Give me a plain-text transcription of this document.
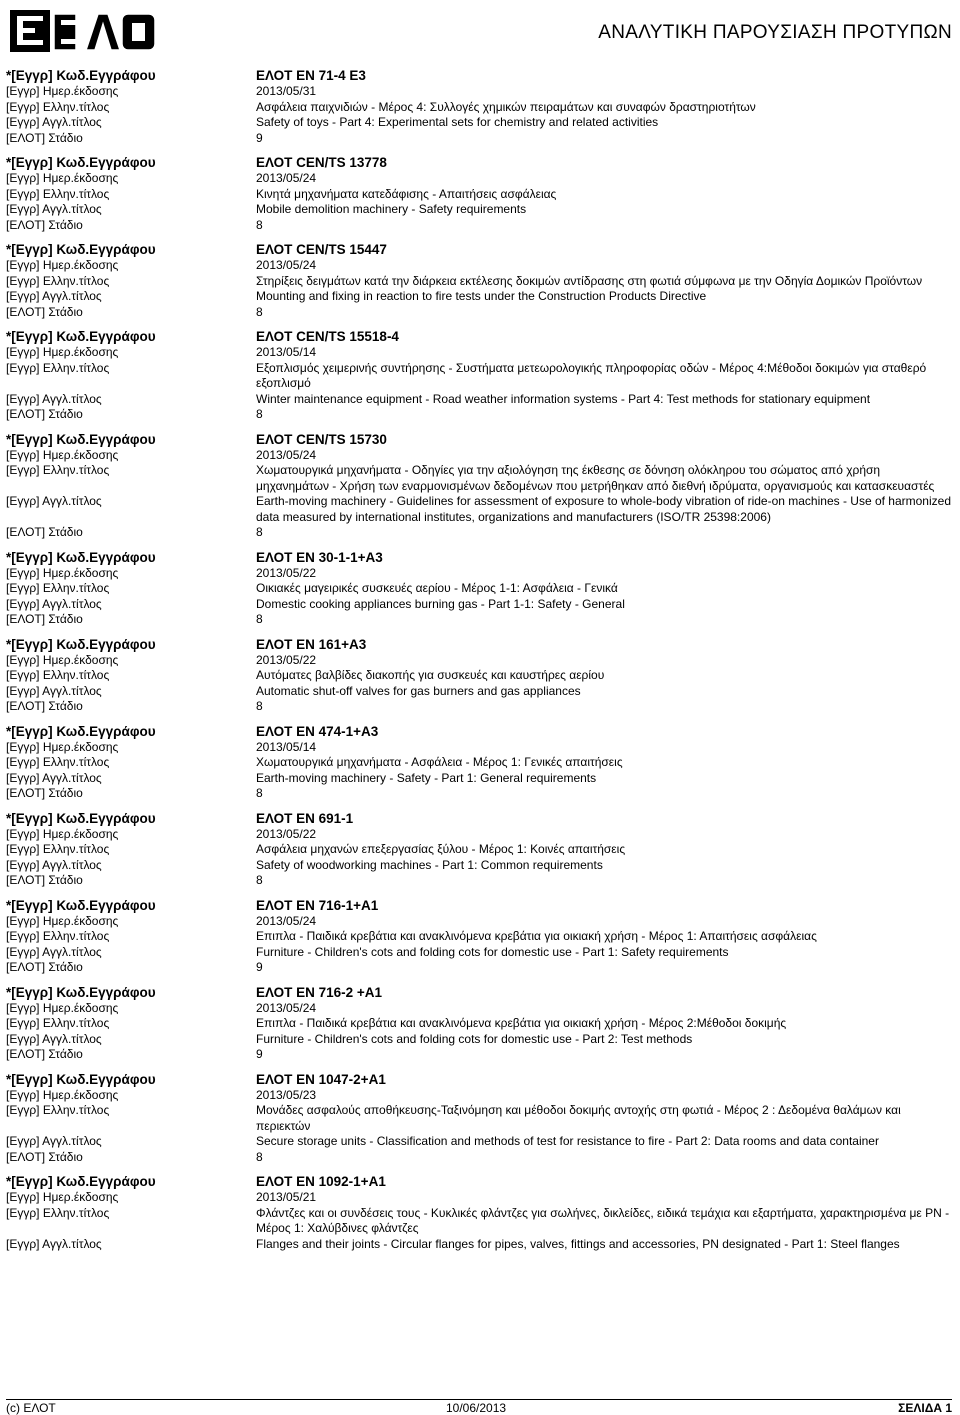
ΑΝΑΛΥΤΙΚΗ ΠΑΡΟΥΣΙΑΣΗ ΠΡΟΤΥΠΩΝ
*[Εγγρ] Κωδ.Εγγράφου	ΕΛΟΤ EN 71-4 E3
[Εγγρ] Ημερ.έκδοσης	2013/05/31
[Εγγρ] Ελλην.τίτλος	Ασφάλεια παιχνιδιών - Μέρος 4: Συλλογές χημικών πειραμάτων και συναφών δραστηριοτήτων
[Εγγρ] Αγγλ.τίτλος	Safety of toys - Part 4: Experimental sets for chemistry and related activities
[ΕΛΟΤ] Στάδιο	9
*[Εγγρ] Κωδ.Εγγράφου	ΕΛΟΤ CEN/TS 13778
[Εγγρ] Ημερ.έκδοσης	2013/05/24
[Εγγρ] Ελλην.τίτλος	Κινητά μηχανήματα κατεδάφισης - Απαιτήσεις ασφάλειας
[Εγγρ] Αγγλ.τίτλος	Mobile demolition machinery - Safety requirements
[ΕΛΟΤ] Στάδιο	8
*[Εγγρ] Κωδ.Εγγράφου	ΕΛΟΤ CEN/TS 15447
[Εγγρ] Ημερ.έκδοσης	2013/05/24
[Εγγρ] Ελλην.τίτλος	Στηρίξεις δειγμάτων κατά την διάρκεια εκτέλεσης δοκιμών αντίδρασης στη φωτιά σύμφωνα με την Οδηγία Δομικών Προϊόντων
[Εγγρ] Αγγλ.τίτλος	Mounting and fixing in reaction to fire tests under the Construction Products Directive
[ΕΛΟΤ] Στάδιο	8
*[Εγγρ] Κωδ.Εγγράφου	ΕΛΟΤ CEN/TS 15518-4
[Εγγρ] Ημερ.έκδοσης	2013/05/14
[Εγγρ] Ελλην.τίτλος	Εξοπλισμός χειμερινής συντήρησης - Συστήματα μετεωρολογικής πληροφορίας οδών - Μέρος 4:Μέθοδοι δοκιμών για σταθερό εξοπλισμό
[Εγγρ] Αγγλ.τίτλος	Winter maintenance equipment - Road weather information systems - Part 4: Test methods for stationary equipment
[ΕΛΟΤ] Στάδιο	8
*[Εγγρ] Κωδ.Εγγράφου	ΕΛΟΤ CEN/TS 15730
[Εγγρ] Ημερ.έκδοσης	2013/05/24
[Εγγρ] Ελλην.τίτλος	Χωματουργικά μηχανήματα - Οδηγίες για την αξιολόγηση της έκθεσης σε δόνηση ολόκληρου του σώματος από χρήση μηχανημάτων - Χρήση των εναρμονισμένων δεδομένων που μετρήθηκαν από διεθνή ιδρύματα, οργανισμούς και κατασκευαστές
[Εγγρ] Αγγλ.τίτλος	Earth-moving machinery - Guidelines for assessment of exposure to whole-body vibration of ride-on machines - Use of harmonized data measured by international institutes, organizations and manufacturers (ISO/TR 25398:2006)
[ΕΛΟΤ] Στάδιο	8
*[Εγγρ] Κωδ.Εγγράφου	ΕΛΟΤ EN 30-1-1+A3
[Εγγρ] Ημερ.έκδοσης	2013/05/22
[Εγγρ] Ελλην.τίτλος	Οικιακές μαγειρικές συσκευές αερίου - Μέρος 1-1: Ασφάλεια - Γενικά
[Εγγρ] Αγγλ.τίτλος	Domestic cooking appliances burning gas - Part 1-1: Safety - General
[ΕΛΟΤ] Στάδιο	8
*[Εγγρ] Κωδ.Εγγράφου	ΕΛΟΤ EN 161+A3
[Εγγρ] Ημερ.έκδοσης	2013/05/22
[Εγγρ] Ελλην.τίτλος	Αυτόματες βαλβίδες διακοπής για συσκευές και καυστήρες αερίου
[Εγγρ] Αγγλ.τίτλος	Automatic shut-off valves for gas burners and gas appliances
[ΕΛΟΤ] Στάδιο	8
*[Εγγρ] Κωδ.Εγγράφου	ΕΛΟΤ EN 474-1+A3
[Εγγρ] Ημερ.έκδοσης	2013/05/14
[Εγγρ] Ελλην.τίτλος	Χωματουργικά μηχανήματα - Ασφάλεια - Μέρος 1: Γενικές απαιτήσεις
[Εγγρ] Αγγλ.τίτλος	Earth-moving machinery - Safety - Part 1: General requirements
[ΕΛΟΤ] Στάδιο	8
*[Εγγρ] Κωδ.Εγγράφου	ΕΛΟΤ EN 691-1
[Εγγρ] Ημερ.έκδοσης	2013/05/22
[Εγγρ] Ελλην.τίτλος	Ασφάλεια μηχανών επεξεργασίας ξύλου - Μέρος 1: Κοινές απαιτήσεις
[Εγγρ] Αγγλ.τίτλος	Safety of woodworking machines - Part 1: Common requirements
[ΕΛΟΤ] Στάδιο	8
*[Εγγρ] Κωδ.Εγγράφου	ΕΛΟΤ EN 716-1+A1
[Εγγρ] Ημερ.έκδοσης	2013/05/24
[Εγγρ] Ελλην.τίτλος	Επιπλα - Παιδικά κρεβάτια και ανακλινόμενα κρεβάτια για οικιακή χρήση - Μέρος 1: Απαιτήσεις ασφάλειας
[Εγγρ] Αγγλ.τίτλος	Furniture - Children's cots and folding cots for domestic use - Part 1: Safety requirements
[ΕΛΟΤ] Στάδιο	9
*[Εγγρ] Κωδ.Εγγράφου	ΕΛΟΤ EN 716-2 +A1
[Εγγρ] Ημερ.έκδοσης	2013/05/24
[Εγγρ] Ελλην.τίτλος	Επιπλα - Παιδικά κρεβάτια και ανακλινόμενα κρεβάτια για οικιακή χρήση - Μέρος 2:Μέθοδοι δοκιμής
[Εγγρ] Αγγλ.τίτλος	Furniture - Children's cots and folding cots for domestic use - Part 2: Test methods
[ΕΛΟΤ] Στάδιο	9
*[Εγγρ] Κωδ.Εγγράφου	ΕΛΟΤ EN 1047-2+A1
[Εγγρ] Ημερ.έκδοσης	2013/05/23
[Εγγρ] Ελλην.τίτλος	Μονάδες ασφαλούς αποθήκευσης-Ταξινόμηση και μέθοδοι δοκιμής αντοχής στη φωτιά - Μέρος 2 : Δεδομένα θαλάμων και περιεκτών
[Εγγρ] Αγγλ.τίτλος	Secure storage units - Classification and methods of test for resistance to fire - Part 2: Data rooms and data container
[ΕΛΟΤ] Στάδιο	8
*[Εγγρ] Κωδ.Εγγράφου	ΕΛΟΤ EN 1092-1+A1
[Εγγρ] Ημερ.έκδοσης	2013/05/21
[Εγγρ] Ελλην.τίτλος	Φλάντζες και οι συνδέσεις τους - Κυκλικές φλάντζες για σωλήνες, δικλείδες, ειδικά τεμάχια και εξαρτήματα, χαρακτηρισμένα με PN - Μέρος 1: Χαλύβδινες φλάντζες
[Εγγρ] Αγγλ.τίτλος	Flanges and their joints - Circular flanges for pipes, valves, fittings and accessories, PN designated - Part 1: Steel flanges
(c) ΕΛΟΤ	10/06/2013	ΣΕΛΙΔΑ 1
